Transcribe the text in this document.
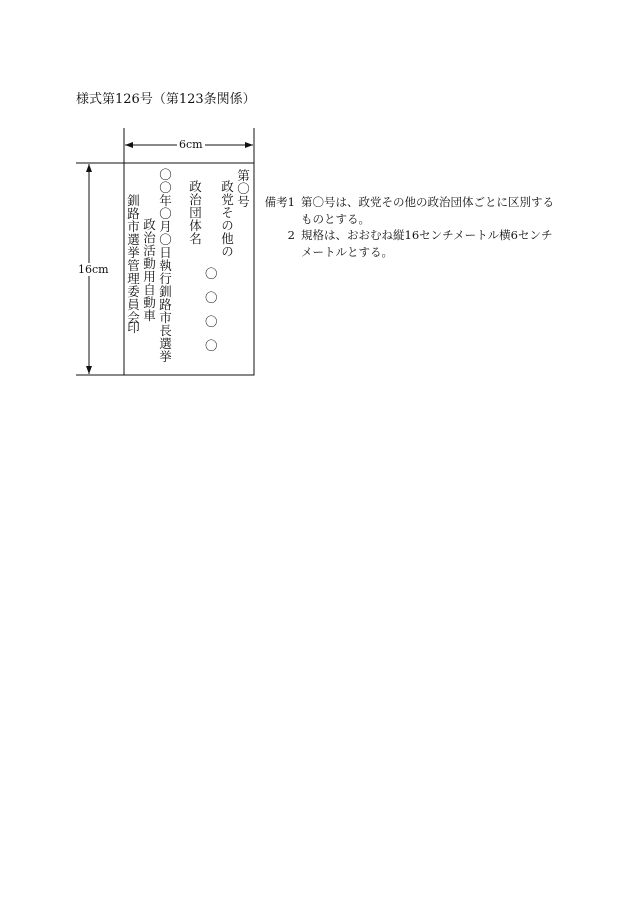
様式第126号（第123条関係）
6cm
16cm
第〇号
政党その他の
政治団体名
〇
〇
〇
〇
〇〇年〇月〇日執行釧路市長選挙
政治活動用自動車
釧路市選挙管理委員会
印
備考1 第〇号は、政党その他の政治団体ごとに区別するものとする。
2 規格は、おおむね縦16センチメートル横6センチメートルとする。
